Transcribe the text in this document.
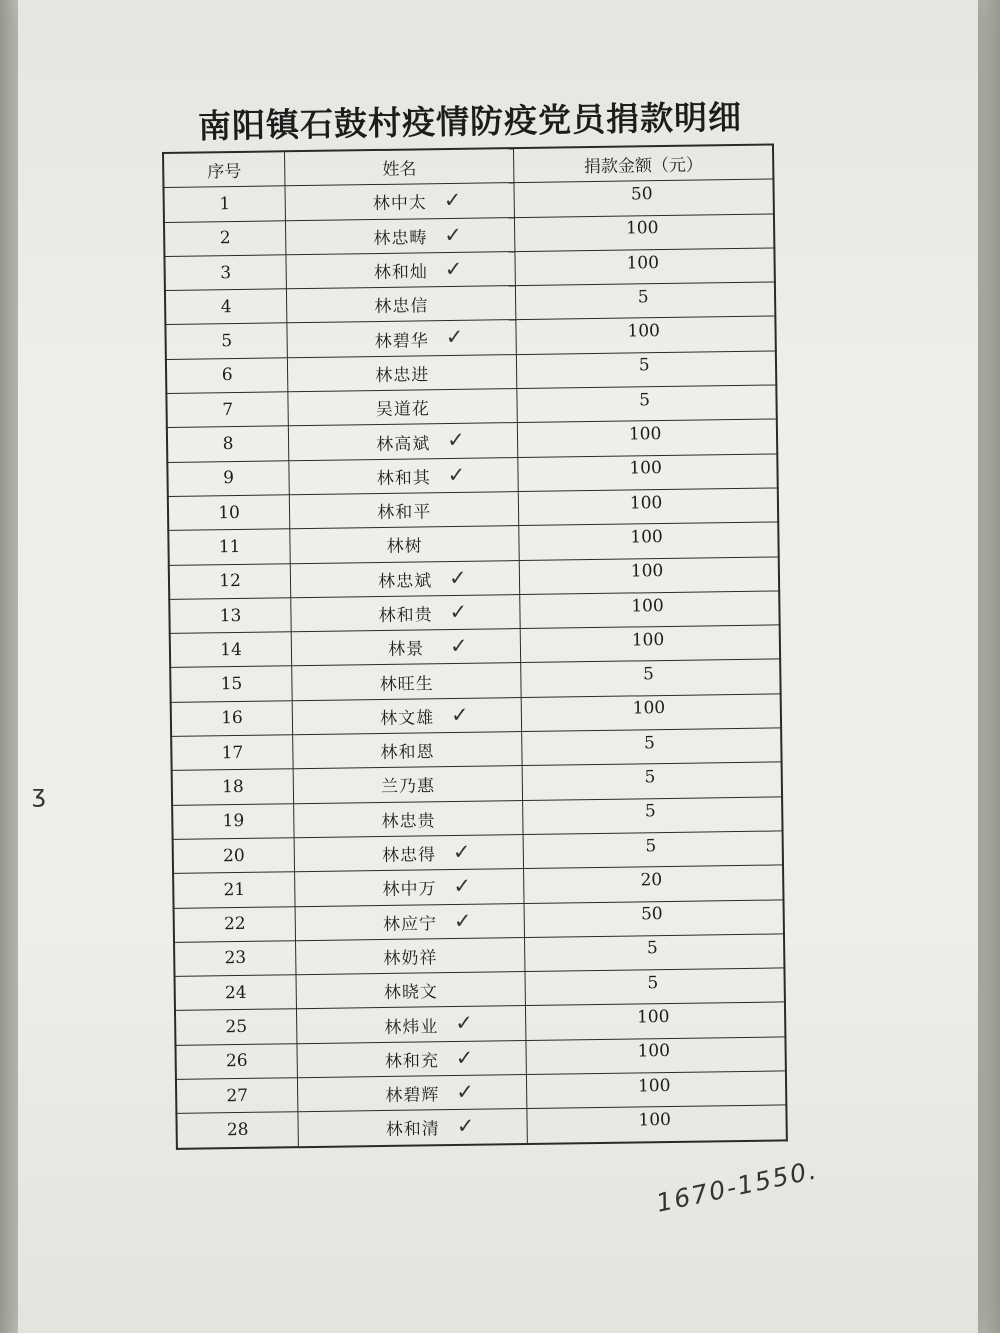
南阳镇石鼓村疫情防疫党员捐款明细
序号	姓名	捐款金额（元）
1	林中太 ✓	50
2	林忠畴 ✓	100
3	林和灿 ✓	100
4	林忠信	5
5	林碧华 ✓	100
6	林忠进	5
7	吴道花	5
8	林高斌 ✓	100
9	林和其 ✓	100
10	林和平	100
11	林树	100
12	林忠斌 ✓	100
13	林和贵 ✓	100
14	林景 ✓	100
15	林旺生	5
16	林文雄 ✓	100
17	林和恩	5
18	兰乃惠	5
19	林忠贵	5
20	林忠得 ✓	5
21	林中万 ✓	20
22	林应宁 ✓	50
23	林奶祥	5
24	林晓文	5
25	林炜业 ✓	100
26	林和充 ✓	100
27	林碧辉 ✓	100
28	林和清 ✓	100
ʒ
1670-1550.
